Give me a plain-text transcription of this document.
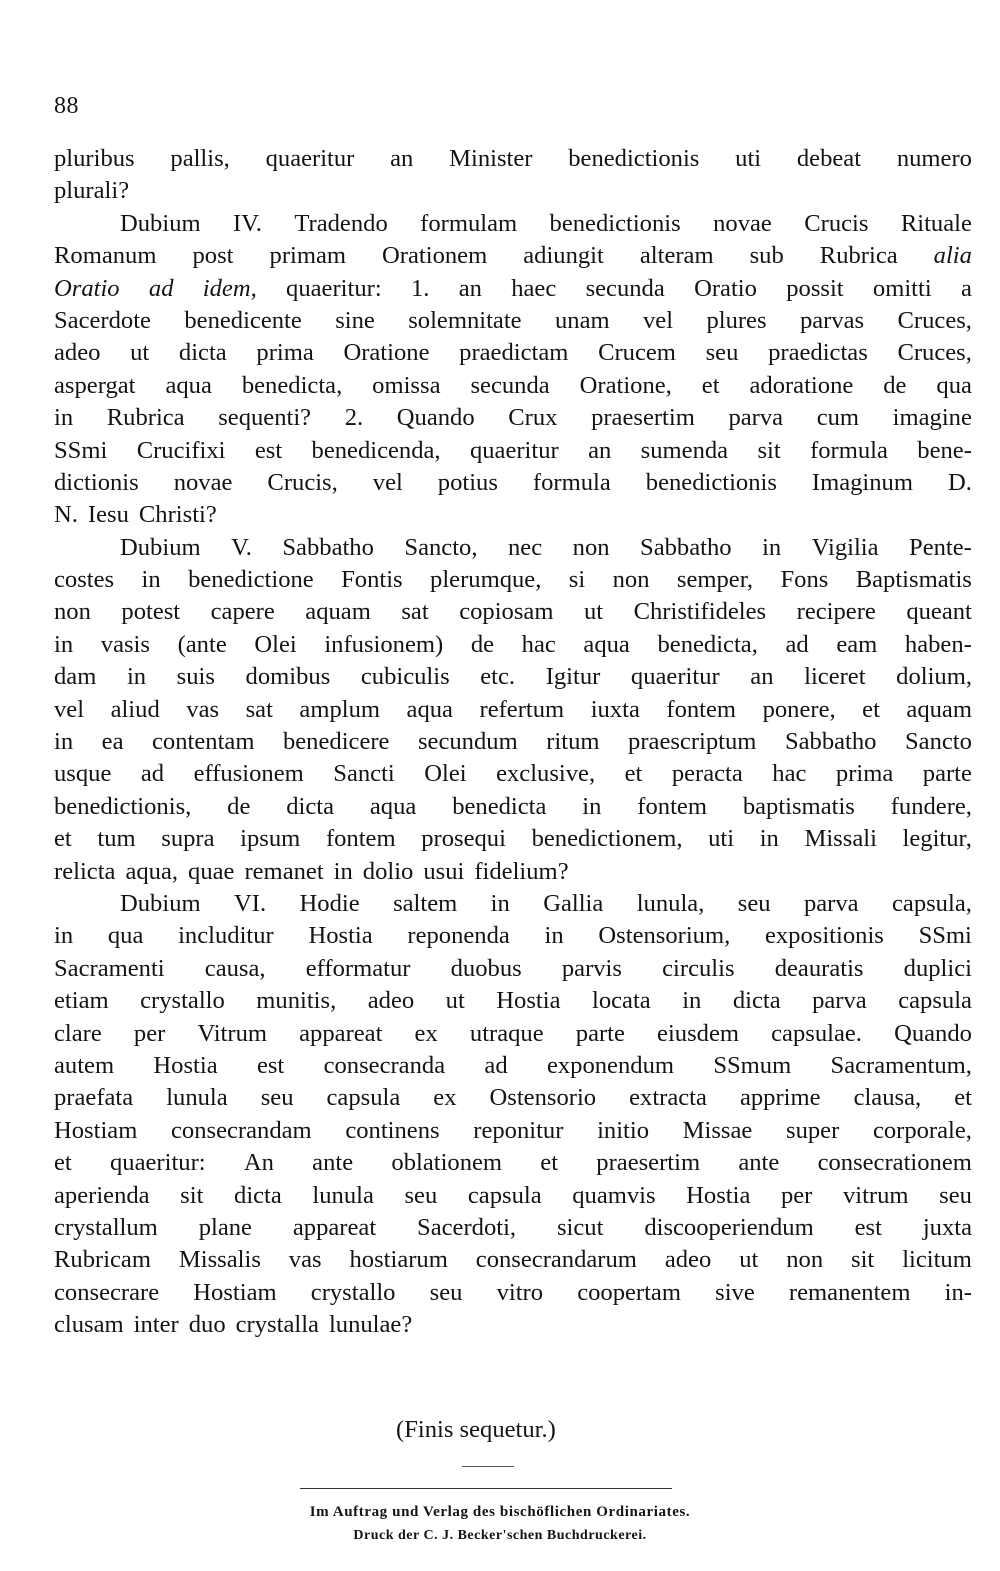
88
pluribus pallis, quaeritur an Minister benedictionis uti debeat numero
plurali?
Dubium IV. Tradendo formulam benedictionis novae Crucis Rituale
Romanum post primam Orationem adiungit alteram sub Rubrica alia
Oratio ad idem, quaeritur: 1. an haec secunda Oratio possit omitti a
Sacerdote benedicente sine solemnitate unam vel plures parvas Cruces,
adeo ut dicta prima Oratione praedictam Crucem seu praedictas Cruces,
aspergat aqua benedicta, omissa secunda Oratione, et adoratione de qua
in Rubrica sequenti? 2. Quando Crux praesertim parva cum imagine
SSmi Crucifixi est benedicenda, quaeritur an sumenda sit formula bene-
dictionis novae Crucis, vel potius formula benedictionis Imaginum D.
N. Iesu Christi?
Dubium V. Sabbatho Sancto, nec non Sabbatho in Vigilia Pente-
costes in benedictione Fontis plerumque, si non semper, Fons Baptismatis
non potest capere aquam sat copiosam ut Christifideles recipere queant
in vasis (ante Olei infusionem) de hac aqua benedicta, ad eam haben-
dam in suis domibus cubiculis etc. Igitur quaeritur an liceret dolium,
vel aliud vas sat amplum aqua refertum iuxta fontem ponere, et aquam
in ea contentam benedicere secundum ritum praescriptum Sabbatho Sancto
usque ad effusionem Sancti Olei exclusive, et peracta hac prima parte
benedictionis, de dicta aqua benedicta in fontem baptismatis fundere,
et tum supra ipsum fontem prosequi benedictionem, uti in Missali legitur,
relicta aqua, quae remanet in dolio usui fidelium?
Dubium VI. Hodie saltem in Gallia lunula, seu parva capsula,
in qua includitur Hostia reponenda in Ostensorium, expositionis SSmi
Sacramenti causa, efformatur duobus parvis circulis deauratis duplici
etiam crystallo munitis, adeo ut Hostia locata in dicta parva capsula
clare per Vitrum appareat ex utraque parte eiusdem capsulae. Quando
autem Hostia est consecranda ad exponendum SSmum Sacramentum,
praefata lunula seu capsula ex Ostensorio extracta apprime clausa, et
Hostiam consecrandam continens reponitur initio Missae super corporale,
et quaeritur: An ante oblationem et praesertim ante consecrationem
aperienda sit dicta lunula seu capsula quamvis Hostia per vitrum seu
crystallum plane appareat Sacerdoti, sicut discooperiendum est juxta
Rubricam Missalis vas hostiarum consecrandarum adeo ut non sit licitum
consecrare Hostiam crystallo seu vitro coopertam sive remanentem in-
clusam inter duo crystalla lunulae?
(Finis sequetur.)
Im Auftrag und Verlag des bischöflichen Ordinariates.
Druck der C. J. Becker'schen Buchdruckerei.
